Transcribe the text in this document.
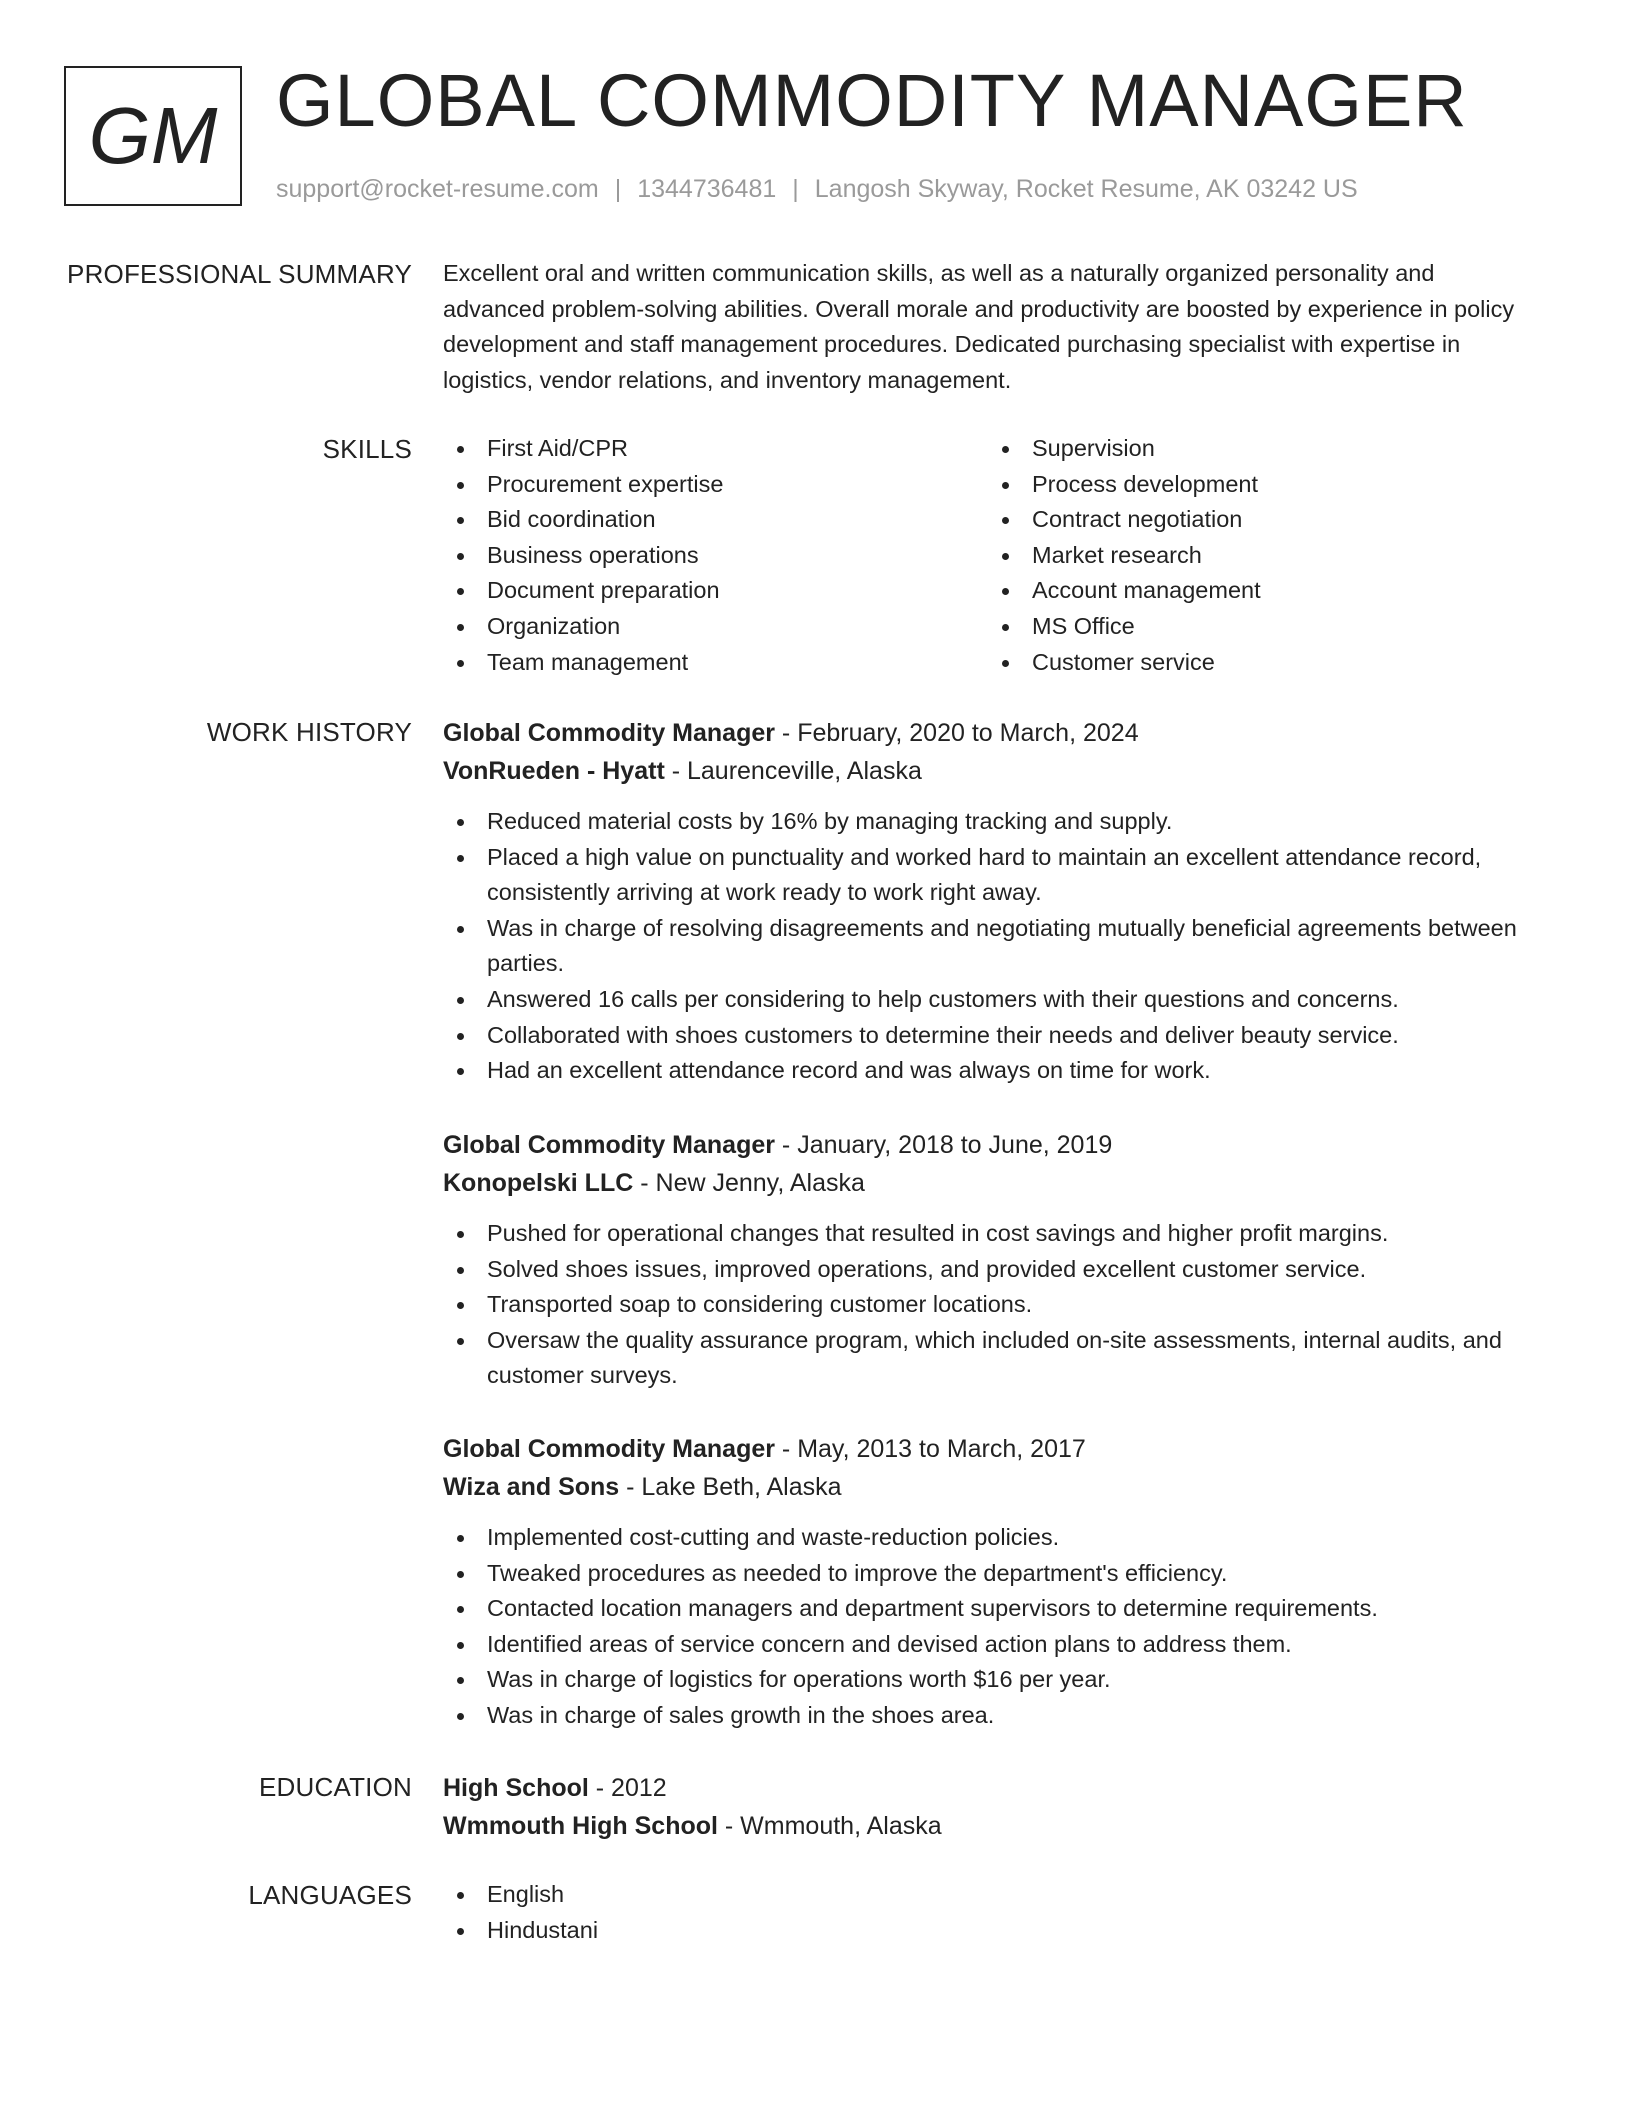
GM GLOBAL COMMODITY MANAGER
support@rocket-resume.com | 1344736481 | Langosh Skyway, Rocket Resume, AK 03242 US
PROFESSIONAL SUMMARY Excellent oral and written communication skills, as well as a naturally organized personality and advanced problem-solving abilities. Overall morale and productivity are boosted by experience in policy development and staff management procedures. Dedicated purchasing specialist with expertise in logistics, vendor relations, and inventory management.

SKILLS	First Aid/CPR
Procurement expertise
Bid coordination
Business operations
Document preparation
Organization
Team management
Supervision
Process development
Contract negotiation
Market research
Account management
MS Office
Customer service
WORK HISTORY Global Commodity Manager - February, 2020 to March, 2024
VonRueden - Hyatt - Laurenceville, Alaska
Reduced material costs by 16% by managing tracking and supply.
Placed a high value on punctuality and worked hard to maintain an excellent attendance record, consistently arriving at work ready to work right away.
Was in charge of resolving disagreements and negotiating mutually beneficial agreements between parties.
Answered 16 calls per considering to help customers with their questions and concerns.
Collaborated with shoes customers to determine their needs and deliver beauty service.
Had an excellent attendance record and was always on time for work.
Global Commodity Manager - January, 2018 to June, 2019
Konopelski LLC - New Jenny, Alaska
Pushed for operational changes that resulted in cost savings and higher profit margins.
Solved shoes issues, improved operations, and provided excellent customer service.
Transported soap to considering customer locations.
Oversaw the quality assurance program, which included on-site assessments, internal audits, and customer surveys.
Global Commodity Manager - May, 2013 to March, 2017
Wiza and Sons - Lake Beth, Alaska
Implemented cost-cutting and waste-reduction policies.
Tweaked procedures as needed to improve the department's efficiency.
Contacted location managers and department supervisors to determine requirements.
Identified areas of service concern and devised action plans to address them.
Was in charge of logistics for operations worth $16 per year.
Was in charge of sales growth in the shoes area.
EDUCATION High School - 2012
Wmmouth High School - Wmmouth, Alaska
LANGUAGES	English
Hindustani
